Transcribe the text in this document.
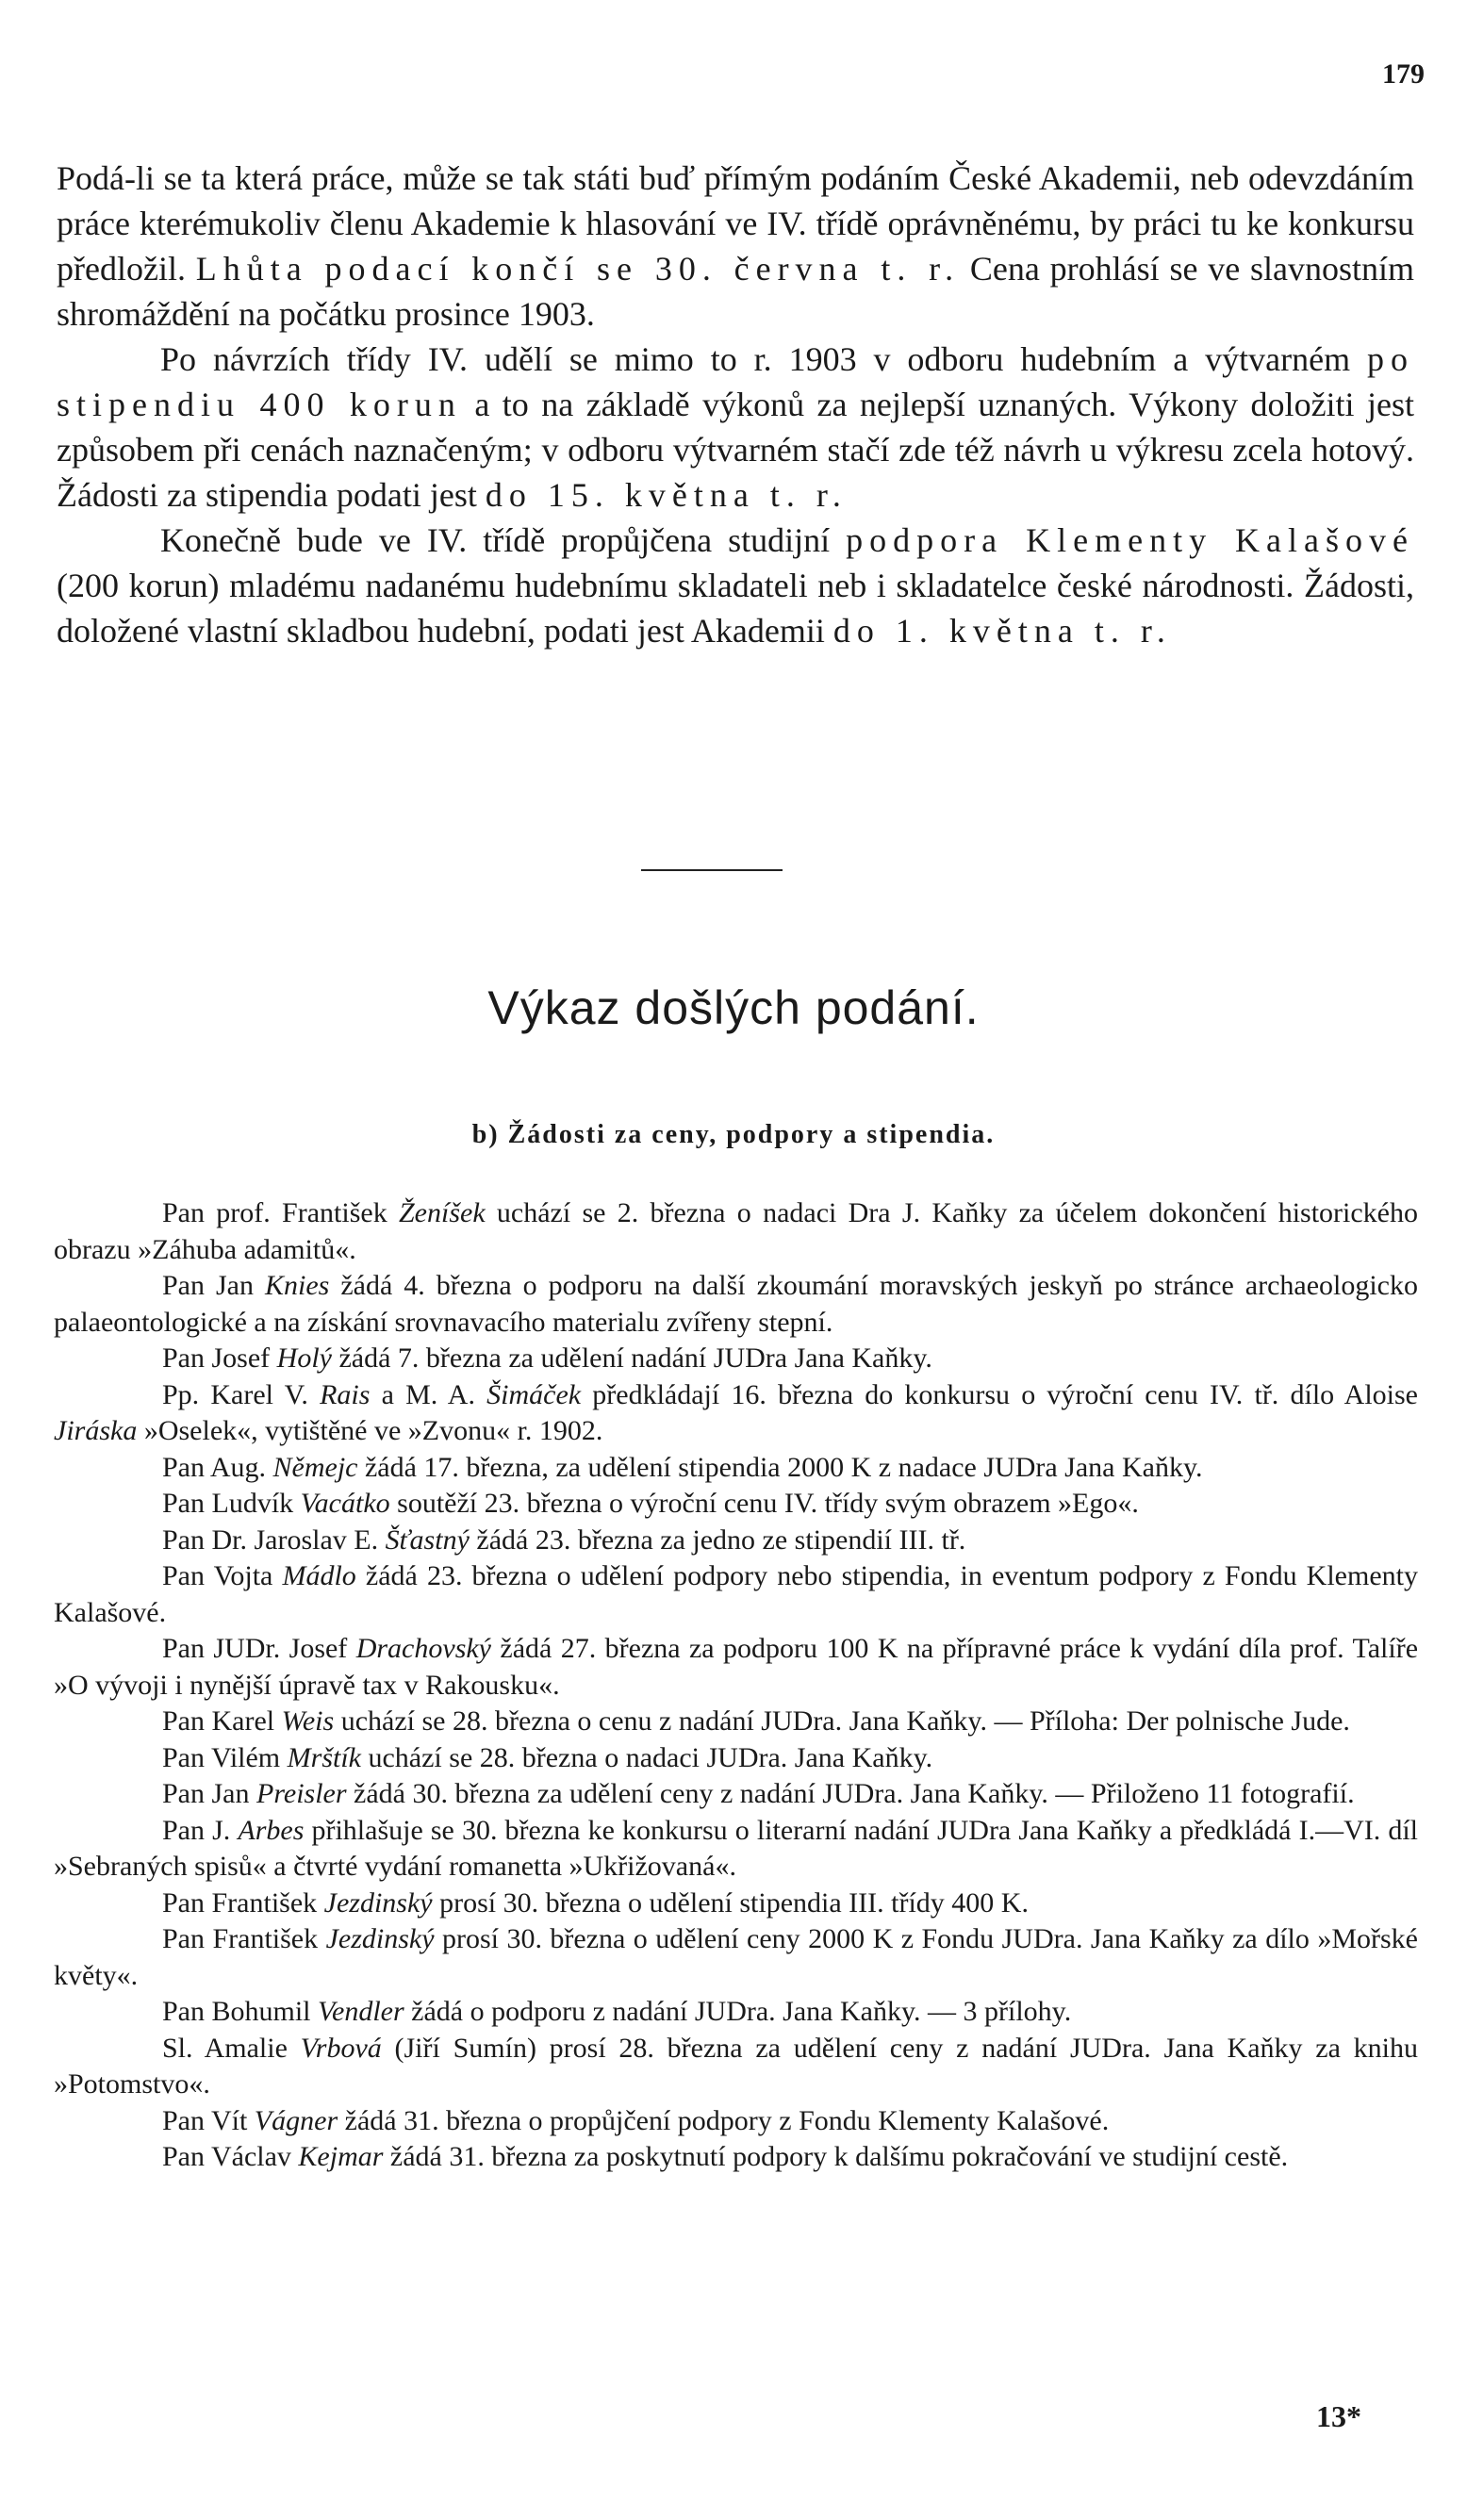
179

Podá-li se ta která práce, může se tak státi buď přímým podáním České Akademii, neb odevzdáním práce kterémukoliv členu Akademie k hlasování ve IV. třídě oprávněnému, by práci tu ke konkursu předložil. Lhůta podací končí se 30. června t. r. Cena prohlásí se ve slavnostním shromáždění na počátku prosince 1903.

Po návrzích třídy IV. udělí se mimo to r. 1903 v odboru hudebním a výtvarném po stipendiu 400 korun a to na základě výkonů za nejlepší uznaných. Výkony doložiti jest způsobem při cenách naznačeným; v odboru výtvarném stačí zde též návrh u výkresu zcela hotový. Žádosti za stipendia podati jest do 15. května t. r.

Konečně bude ve IV. třídě propůjčena studijní podpora Klementy Kalašové (200 korun) mladému nadanému hudebnímu skladateli neb i skladatelce české národnosti. Žádosti, doložené vlastní skladbou hudební, podati jest Akademii do 1. května t. r.

Výkaz došlých podání.
b) Žádosti za ceny, podpory a stipendia.

Pan prof. František Ženíšek uchází se 2. března o nadaci Dra J. Kaňky za účelem dokončení historického obrazu »Záhuba adamitů«.

Pan Jan Knies žádá 4. března o podporu na další zkoumání moravských jeskyň po stránce archaeologicko palaeontologické a na získání srovnavacího materialu zvířeny stepní.

Pan Josef Holý žádá 7. března za udělení nadání JUDra Jana Kaňky.

Pp. Karel V. Rais a M. A. Šimáček předkládají 16. března do konkursu o výroční cenu IV. tř. dílo Aloise Jiráska »Oselek«, vytištěné ve »Zvonu« r. 1902.

Pan Aug. Němejc žádá 17. března, za udělení stipendia 2000 K z nadace JUDra Jana Kaňky.

Pan Ludvík Vacátko soutěží 23. března o výroční cenu IV. třídy svým obrazem »Ego«.

Pan Dr. Jaroslav E. Šťastný žádá 23. března za jedno ze stipendií III. tř.

Pan Vojta Mádlo žádá 23. března o udělení podpory nebo stipendia, in eventum podpory z Fondu Klementy Kalašové.

Pan JUDr. Josef Drachovský žádá 27. března za podporu 100 K na přípravné práce k vydání díla prof. Talíře »O vývoji i nynější úpravě tax v Rakousku«.

Pan Karel Weis uchází se 28. března o cenu z nadání JUDra. Jana Kaňky. — Příloha: Der polnische Jude.

Pan Vilém Mrštík uchází se 28. března o nadaci JUDra. Jana Kaňky.

Pan Jan Preisler žádá 30. března za udělení ceny z nadání JUDra. Jana Kaňky. — Přiloženo 11 fotografií.

Pan J. Arbes přihlašuje se 30. března ke konkursu o literarní nadání JUDra Jana Kaňky a předkládá I.—VI. díl »Sebraných spisů« a čtvrté vydání romanetta »Ukřižovaná«.

Pan František Jezdinský prosí 30. března o udělení stipendia III. třídy 400 K.

Pan František Jezdinský prosí 30. března o udělení ceny 2000 K z Fondu JUDra. Jana Kaňky za dílo »Mořské květy«.

Pan Bohumil Vendler žádá o podporu z nadání JUDra. Jana Kaňky. — 3 přílohy.

Sl. Amalie Vrbová (Jiří Sumín) prosí 28. března za udělení ceny z nadání JUDra. Jana Kaňky za knihu »Potomstvo«.

Pan Vít Vágner žádá 31. března o propůjčení podpory z Fondu Klementy Kalašové.

Pan Václav Kejmar žádá 31. března za poskytnutí podpory k dalšímu pokračování ve studijní cestě.

13*
